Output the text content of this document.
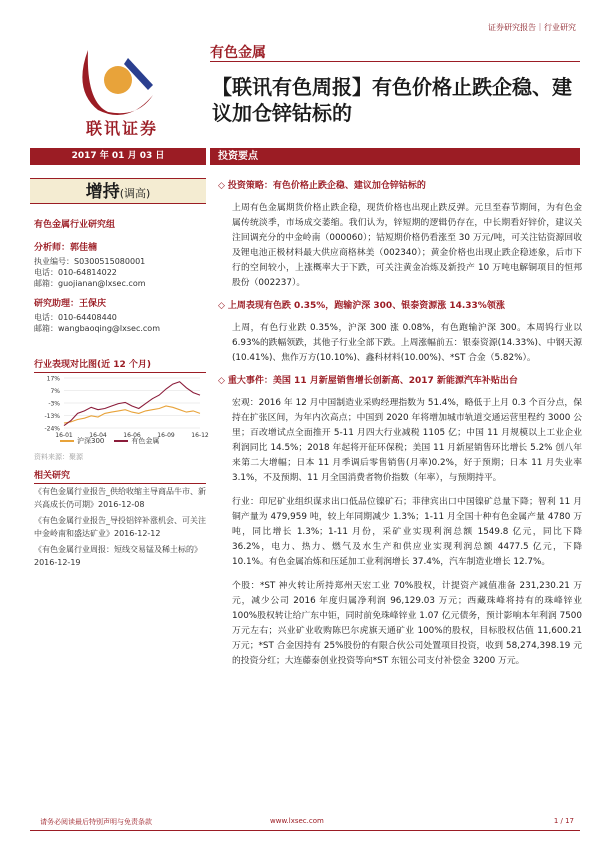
证券研究报告｜行业研究
联讯证券
有色金属
【联讯有色周报】有色价格止跌企稳、建议加仓锌钴标的
2017 年 01 月 03 日	投资要点
增持(调高)
有色金属行业研究组
分析师：郭佳楠
执业编号：S0300515080001
电话：010-64814022
邮箱：guojianan@lxsec.com
研究助理：王保庆
电话：010-64408440
邮箱：wangbaoqing@lxsec.com
行业表现对比图(近 12 个月)
17%
7%
-3%
-13%
-24%
16-01	16-04	16-06	16-09	16-12
沪深300	有色金属
资料来源：聚源
相关研究
《有色金属行业报告_供给收缩主导商品牛市、新兴高成长仍可期》2016-12-08
《有色金属行业报告_导投铝锌补涨机会、可关注中金岭南和盛达矿业》2016-12-12
《有色金属行业周报：短线交易锰及稀土标的》2016-12-19
◇ 投资策略：有色价格止跌企稳、建议加仓锌钴标的
上周有色金属期货价格止跌企稳，现货价格也出现止跌反弹。元旦至春节期间，为有色金属传统淡季，市场成交萎缩。我们认为，锌短期的逻辑仍存在，中长期看好锌价，建议关注回调充分的中金岭南（000060）；钴短期价格仍看涨至 30 万元/吨，可关注钴资源回收及锂电池正极材料最大供应商格林美（002340）；黄金价格也出现止跌企稳迹象，后市下行的空间较小，上涨概率大于下跌，可关注黄金冶炼及新投产 10 万吨电解铜项目的恒邦股份（002237）。
◇ 上周表现有色跌 0.35%，跑输沪深 300、银泰资源涨 14.33%领涨
上周，有色行业跌 0.35%，沪深 300 涨 0.08%，有色跑输沪深 300。本周钨行业以 6.93%的跌幅领跌，其他子行业全部下跌。上周涨幅前五：银泰资源(14.33%)、中钢天源(10.41%)、焦作万方(10.10%)、鑫科材料(10.00%)、*ST 合金（5.82%）。
◇ 重大事件：美国 11 月新屋销售增长创新高、2017 新能源汽车补贴出台
宏观：2016 年 12 月中国制造业采购经理指数为 51.4%，略低于上月 0.3 个百分点，保持在扩张区间，为年内次高点；中国到 2020 年将增加城市轨道交通运营里程约 3000 公里；百改增试点全面推开 5-11 月四大行业减税 1105 亿；中国 11 月规模以上工业企业利润同比 14.5%；2018 年起将开征环保税；美国 11 月新屋销售环比增长 5.2% 创八年来第二大增幅；日本 11 月季调后零售销售(月率)0.2%，好于预期；日本 11 月失业率 3.1%，不及预期、11 月全国消费者物价指数（年率），与预期持平。
行业：印尼矿业组织谋求出口低品位镍矿石；菲律宾出口中国镍矿总量下降；智利 11 月铜产量为 479,959 吨，较上年同期减少 1.3%；1-11 月全国十种有色金属产量 4780 万吨，同比增长 1.3%；1-11 月份，采矿业实现利润总额 1549.8 亿元，同比下降 36.2%，电力、热力、燃气及水生产和供应业实现利润总额 4477.5 亿元，下降 10.1%。有色金属冶炼和压延加工业利润增长 37.4%，汽车制造业增长 12.7%。
个股：*ST 神火转让所持郑州天宏工业 70%股权，计提资产减值准备 231,230.21 万元，减少公司 2016 年度归属净利润 96,129.03 万元；西藏珠峰将持有的珠峰锌业 100%股权转让给广东中钜，同时前免珠峰锌业 1.07 亿元债务，预计影响本年利润 7500 万元左右；兴业矿业收购陈巴尔虎旗天通矿业 100%的股权，目标股权估值 11,600.21 万元；*ST 合金因持有 25%股份的有限合伙公司处置项目投资，收到 58,274,398.19 元的投资分红；大连藤泰创业投资等向*ST 东钮公司支付补偿金 3200 万元。
请务必阅读最后特别声明与免责条款	www.lxsec.com	1 / 17
